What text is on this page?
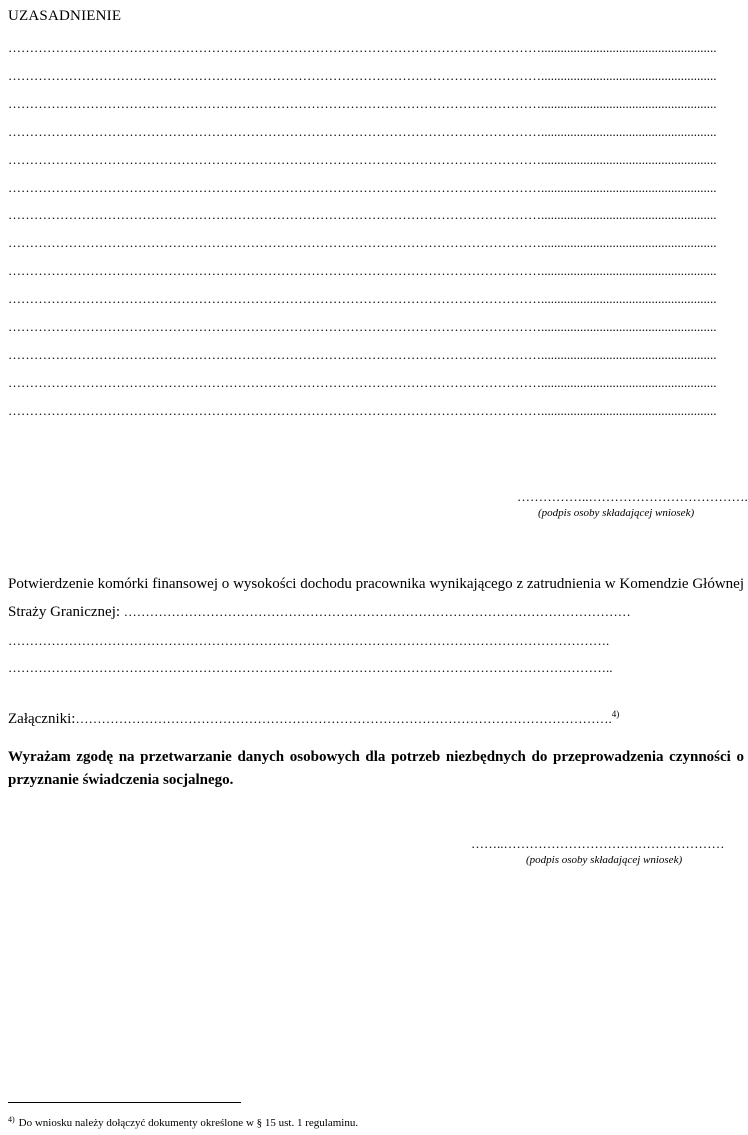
UZASADNIENIE
……………………………………………………………………………………………………………......................................................
……………………………………………………………………………………………………………......................................................
……………………………………………………………………………………………………………......................................................
……………………………………………………………………………………………………………......................................................
……………………………………………………………………………………………………………......................................................
……………………………………………………………………………………………………………......................................................
……………………………………………………………………………………………………………......................................................
……………………………………………………………………………………………………………......................................................
……………………………………………………………………………………………………………......................................................
……………………………………………………………………………………………………………......................................................
……………………………………………………………………………………………………………......................................................
……………………………………………………………………………………………………………......................................................
……………………………………………………………………………………………………………......................................................
……………………………………………………………………………………………………………......................................................
……………..……………………………….
(podpis osoby składającej wniosek)
Potwierdzenie komórki finansowej o wysokości dochodu pracownika wynikającego z zatrudnienia w Komendzie Głównej Straży Granicznej: ………………………………………………………………………………………………………
………………………………………………………………………………………………………………………….
…………………………………………………………………………………………………………………………..
Załączniki:…………………………………………………………………………………………………………….$^{4)}$
Wyrażam zgodę na przetwarzanie danych osobowych dla potrzeb niezbędnych do przeprowadzenia czynności o przyznanie świadczenia socjalnego.
……..……………………………………………
(podpis osoby składającej wniosek)
$^{4)}$ Do wniosku należy dołączyć dokumenty określone w § 15 ust. 1 regulaminu.
